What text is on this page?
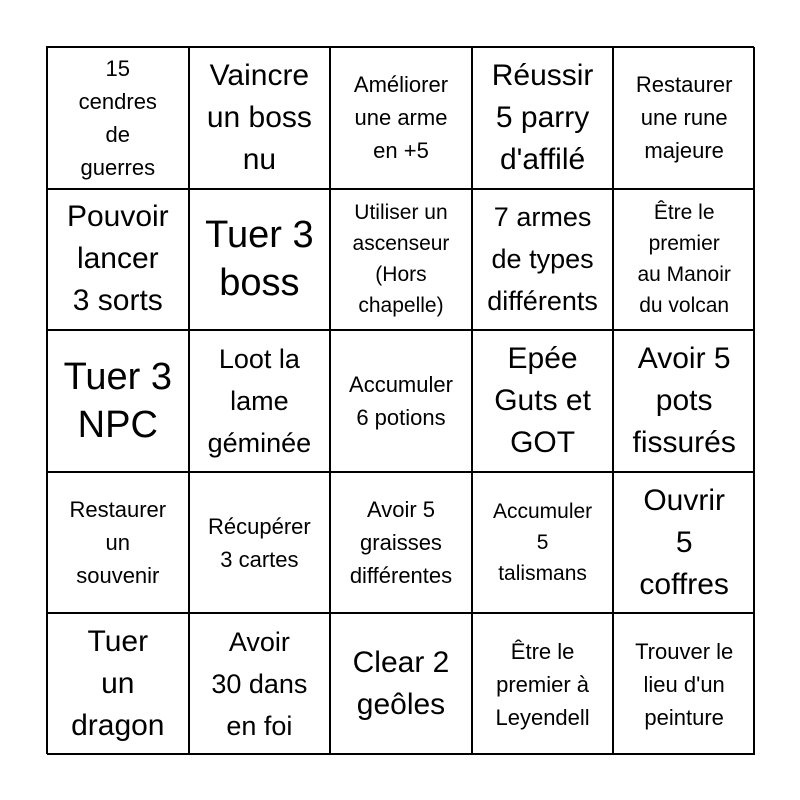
15
cendres
de
guerres
Vaincre
un boss
nu
Améliorer
une arme
en +5
Réussir
5 parry
d'affilé
Restaurer
une rune
majeure
Pouvoir
lancer
3 sorts
Tuer 3
boss
Utiliser un
ascenseur
(Hors
chapelle)
7 armes
de types
différents
Être le
premier
au Manoir
du volcan
Tuer 3
NPC
Loot la
lame
géminée
Accumuler
6 potions
Epée
Guts et
GOT
Avoir 5
pots
fissurés
Restaurer
un
souvenir
Récupérer
3 cartes
Avoir 5
graisses
différentes
Accumuler
5
talismans
Ouvrir
5
coffres
Tuer
un
dragon
Avoir
30 dans
en foi
Clear 2
geôles
Être le
premier à
Leyendell
Trouver le
lieu d'un
peinture
